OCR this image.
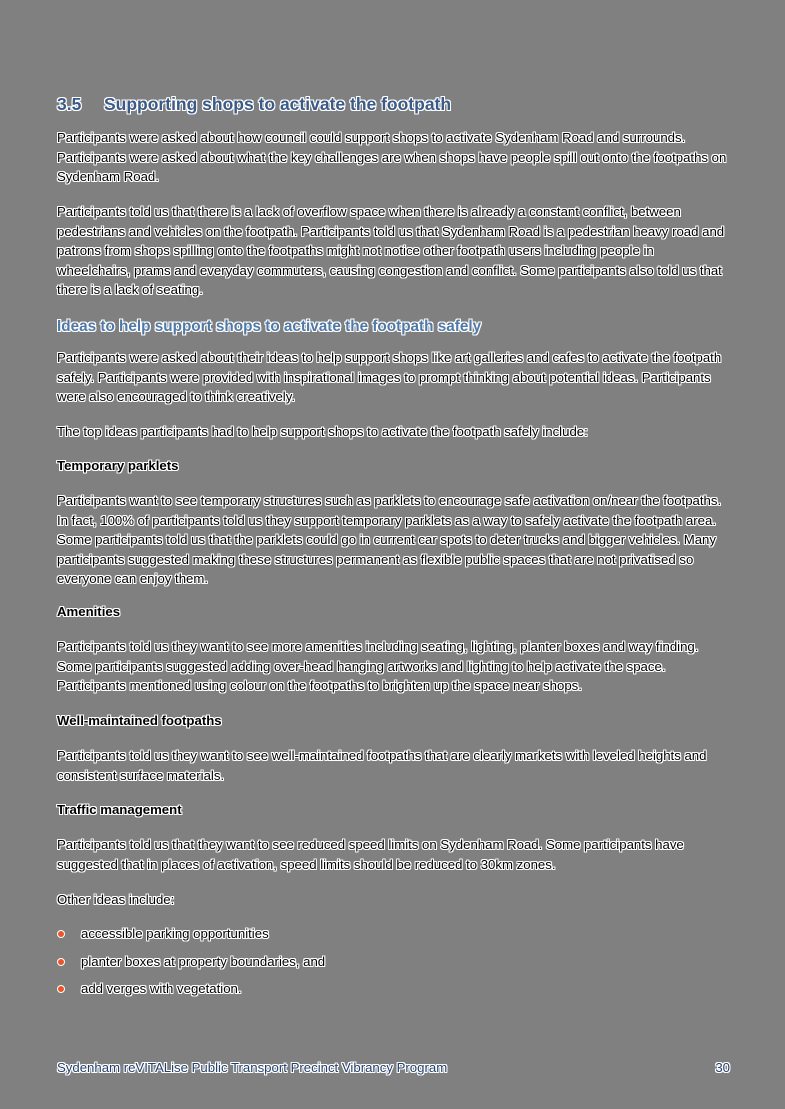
3.5 Supporting shops to activate the footpath

Participants were asked about how council could support shops to activate Sydenham Road and surrounds. Participants were asked about what the key challenges are when shops have people spill out onto the footpaths on Sydenham Road.

Participants told us that there is a lack of overflow space when there is already a constant conflict, between pedestrians and vehicles on the footpath. Participants told us that Sydenham Road is a pedestrian heavy road and patrons from shops spilling onto the footpaths might not notice other footpath users including people in wheelchairs, prams and everyday commuters, causing congestion and conflict. Some participants also told us that there is a lack of seating.

Ideas to help support shops to activate the footpath safely

Participants were asked about their ideas to help support shops like art galleries and cafes to activate the footpath safely. Participants were provided with inspirational images to prompt thinking about potential ideas. Participants were also encouraged to think creatively.

The top ideas participants had to help support shops to activate the footpath safely include:

Temporary parklets

Participants want to see temporary structures such as parklets to encourage safe activation on/near the footpaths. In fact, 100% of participants told us they support temporary parklets as a way to safely activate the footpath area. Some participants told us that the parklets could go in current car spots to deter trucks and bigger vehicles. Many participants suggested making these structures permanent as flexible public spaces that are not privatised so everyone can enjoy them.

Amenities

Participants told us they want to see more amenities including seating, lighting, planter boxes and way finding. Some participants suggested adding over-head hanging artworks and lighting to help activate the space. Participants mentioned using colour on the footpaths to brighten up the space near shops.

Well-maintained footpaths

Participants told us they want to see well-maintained footpaths that are clearly markets with leveled heights and consistent surface materials.

Traffic management

Participants told us that they want to see reduced speed limits on Sydenham Road. Some participants have suggested that in places of activation, speed limits should be reduced to 30km zones.

Other ideas include:

accessible parking opportunities
planter boxes at property boundaries, and
add verges with vegetation.
Sydenham reVITALise Public Transport Precinct Vibrancy Program	30
